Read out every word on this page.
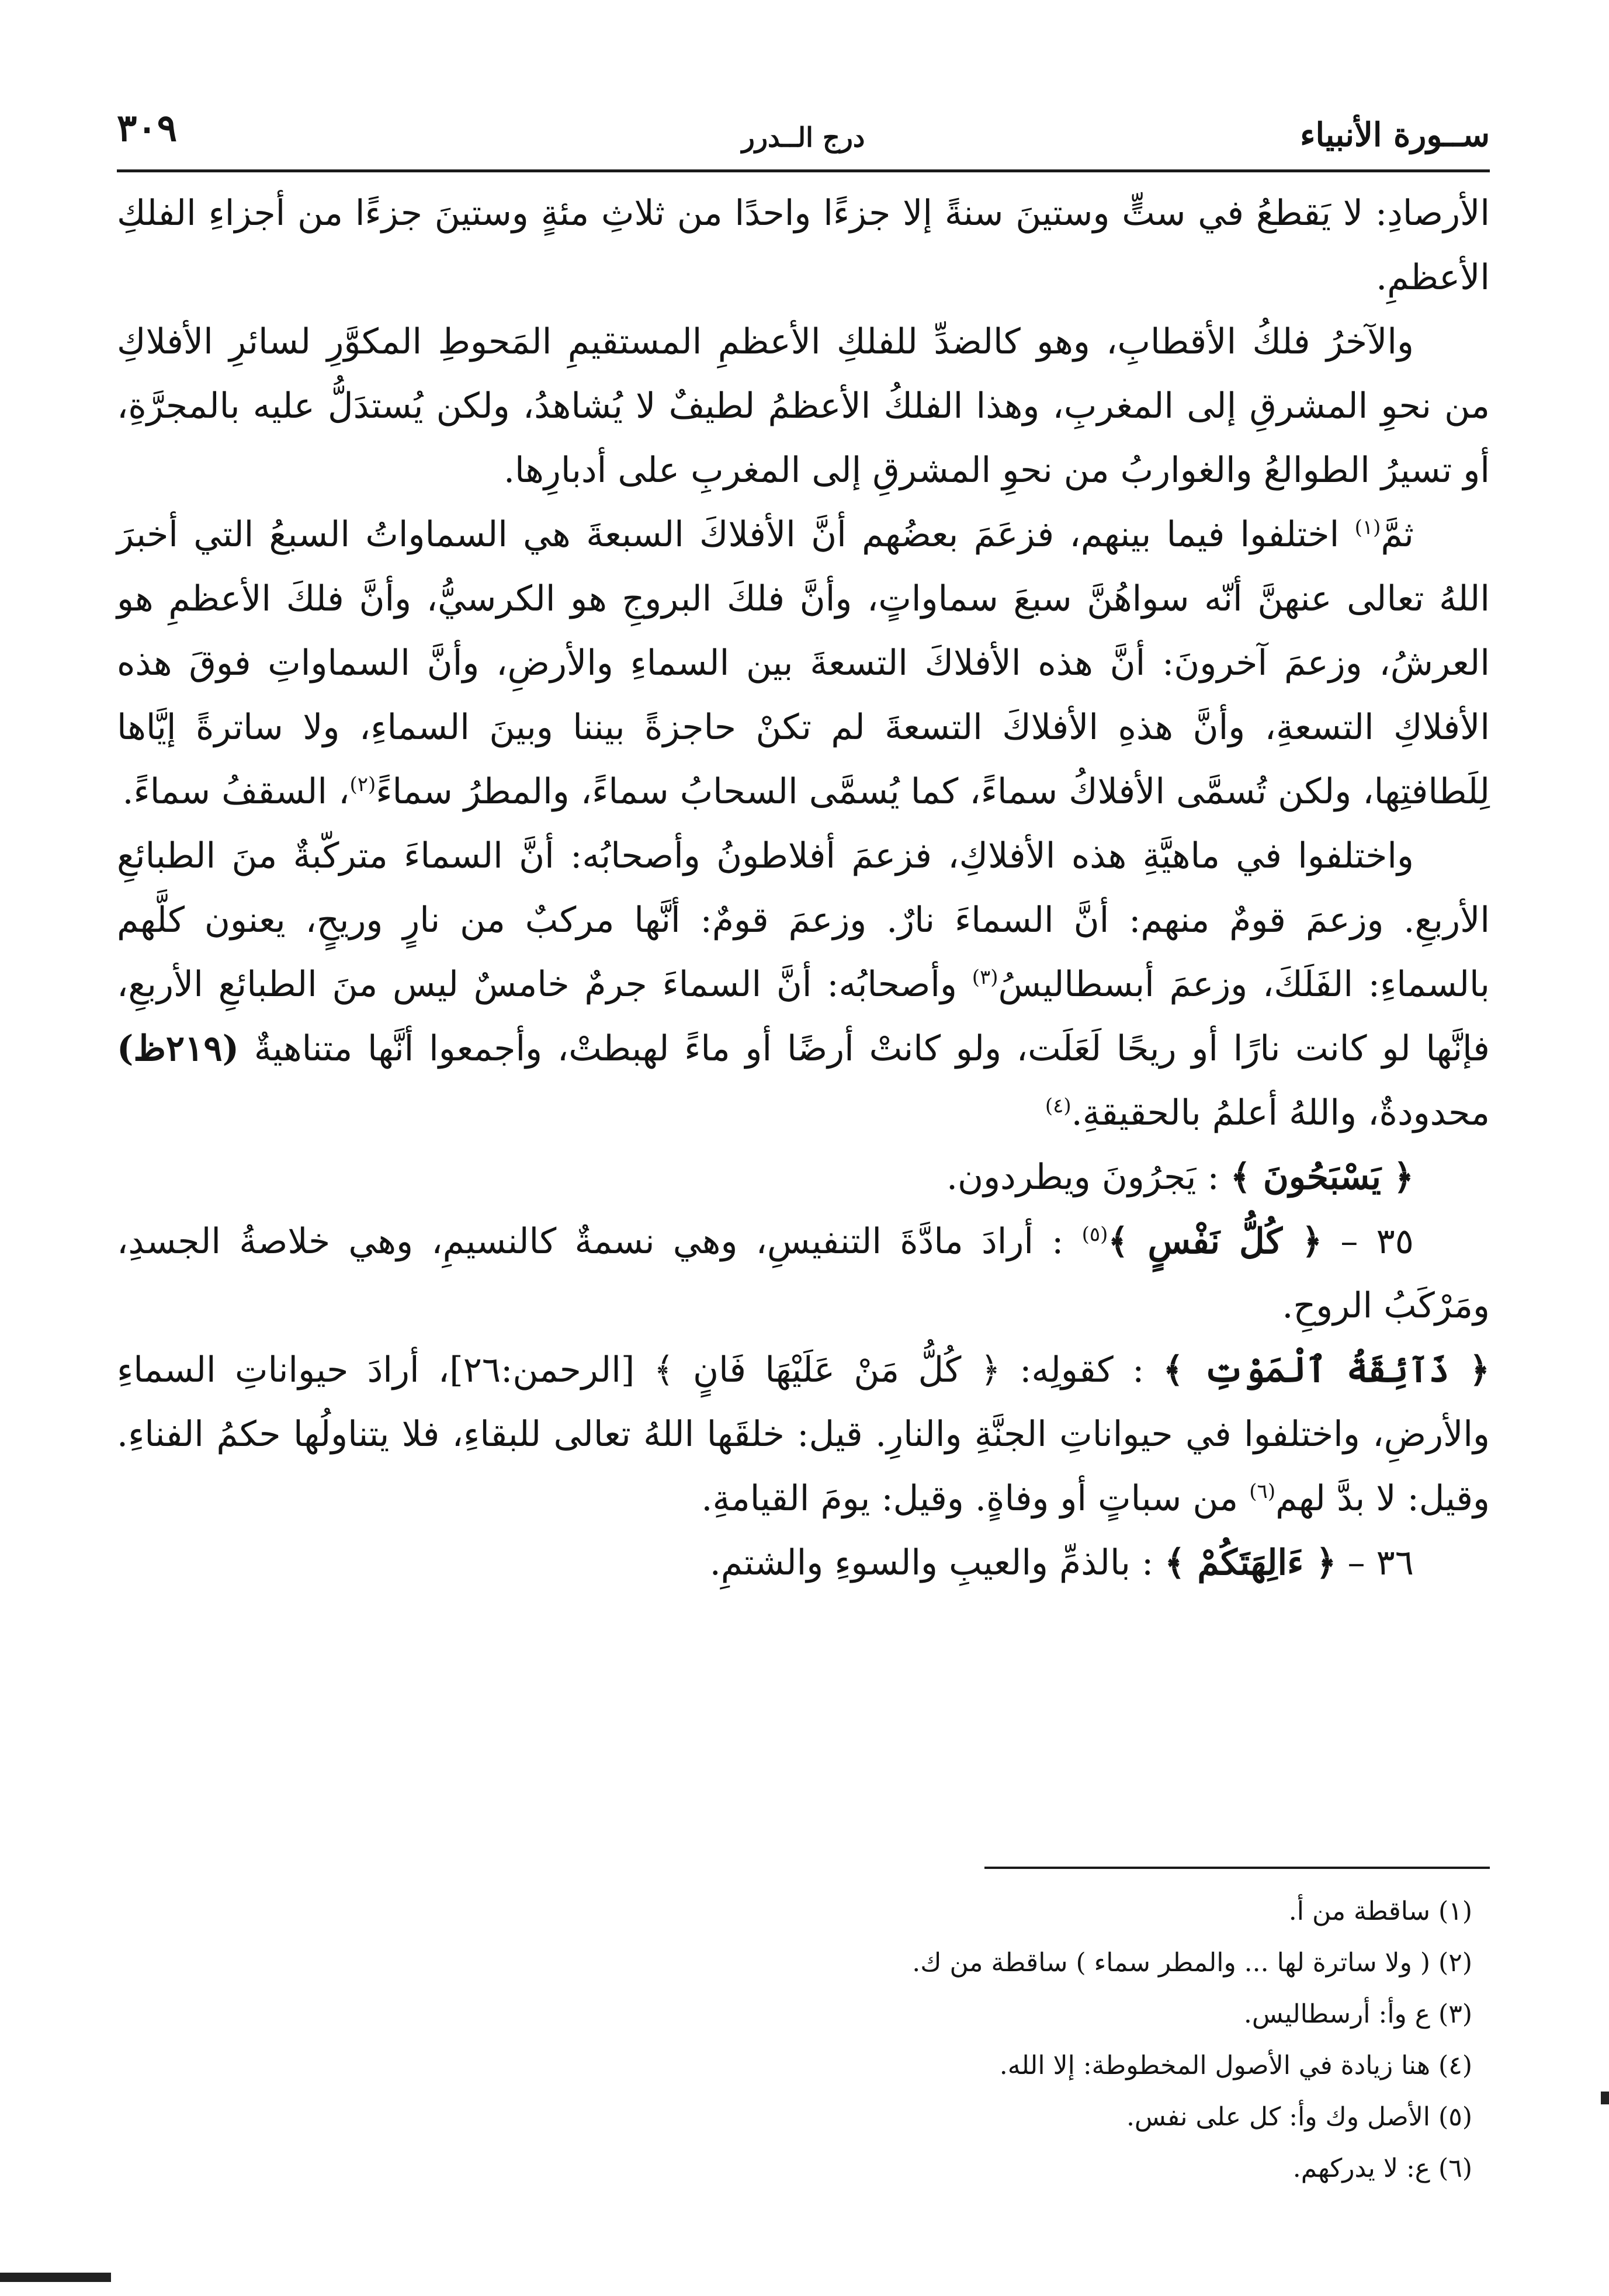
ســورة الأنبياء
درج الــدرر
٣٠٩

الأرصادِ: لا يَقطعُ في ستٍّ وستينَ سنةً إلا جزءًا واحدًا من ثلاثِ مئةٍ وستينَ جزءًا من أجزاءِ الفلكِ الأعظمِ.

والآخرُ فلكُ الأقطابِ، وهو كالضدِّ للفلكِ الأعظمِ المستقيمِ المَحوطِ المكوَّرِ لسائرِ الأفلاكِ من نحوِ المشرقِ إلى المغربِ، وهذا الفلكُ الأعظمُ لطيفٌ لا يُشاهدُ، ولكن يُستدَلُّ عليه بالمجرَّةِ، أو تسيرُ الطوالعُ والغواربُ من نحوِ المشرقِ إلى المغربِ على أدبارِها.

ثمَّ$^{(١)}$ اختلفوا فيما بينهم، فزعَمَ بعضُهم أنَّ الأفلاكَ السبعةَ هي السماواتُ السبعُ التي أخبرَ اللهُ تعالى عنهنَّ أنّه سواهُنَّ سبعَ سماواتٍ، وأنَّ فلكَ البروجِ هو الكرسيُّ، وأنَّ فلكَ الأعظمِ هو العرشُ، وزعمَ آخرونَ: أنَّ هذه الأفلاكَ التسعةَ بين السماءِ والأرضِ، وأنَّ السماواتِ فوقَ هذه الأفلاكِ التسعةِ، وأنَّ هذهِ الأفلاكَ التسعةَ لم تكنْ حاجزةً بيننا وبينَ السماءِ، ولا ساترةً إيَّاها لِلَطافتِها، ولكن تُسمَّى الأفلاكُ سماءً، كما يُسمَّى السحابُ سماءً، والمطرُ سماءً$^{(٢)}$، السقفُ سماءً.

واختلفوا في ماهيَّةِ هذه الأفلاكِ، فزعمَ أفلاطونُ وأصحابُه: أنَّ السماءَ متركّبةٌ منَ الطبائعِ الأربعِ. وزعمَ قومٌ منهم: أنَّ السماءَ نارٌ. وزعمَ قومٌ: أنَّها مركبٌ من نارٍ وريحٍ، يعنون كلَّهم بالسماءِ: الفَلَكَ، وزعمَ أبسطاليسُ$^{(٣)}$ وأصحابُه: أنَّ السماءَ جرمٌ خامسٌ ليس منَ الطبائعِ الأربعِ، فإنَّها لو كانت نارًا أو ريحًا لَعَلَت، ولو كانتْ أرضًا أو ماءً لهبطتْ، وأجمعوا أنَّها متناهيةٌ (٢١٩ظ) محدودةٌ، واللهُ أعلمُ بالحقيقةِ.$^{(٤)}$

﴿ يَسْبَحُونَ ﴾ : يَجرُونَ ويطردون.

٣٥ – ﴿ كُلُّ نَفْسٍ ﴾$^{(٥)}$ : أرادَ مادَّةَ التنفيسِ، وهي نسمةٌ كالنسيمِ، وهي خلاصةُ الجسدِ، ومَرْكَبُ الروحِ.

﴿ ذَآئِقَةُ ٱلْمَوْتِ ﴾ : كقولِه: ﴿ كُلُّ مَنْ عَلَيْهَا فَانٍ ﴾ [الرحمن:٢٦]، أرادَ حيواناتِ السماءِ والأرضِ، واختلفوا في حيواناتِ الجنَّةِ والنارِ. قيل: خلقَها اللهُ تعالى للبقاءِ، فلا يتناولُها حكمُ الفناءِ. وقيل: لا بدَّ لهم$^{(٦)}$ من سباتٍ أو وفاةٍ. وقيل: يومَ القيامةِ.

٣٦ – ﴿ ءَالِهَتَكُمْ ﴾ : بالذمِّ والعيبِ والسوءِ والشتمِ.

(١) ساقطة من أ.
(٢) ( ولا ساترة لها ... والمطر سماء ) ساقطة من ك.
(٣) ع وأ: أرسطاليس.
(٤) هنا زيادة في الأصول المخطوطة: إلا الله.
(٥) الأصل وك وأ: كل على نفس.
(٦) ع: لا يدركهم.
